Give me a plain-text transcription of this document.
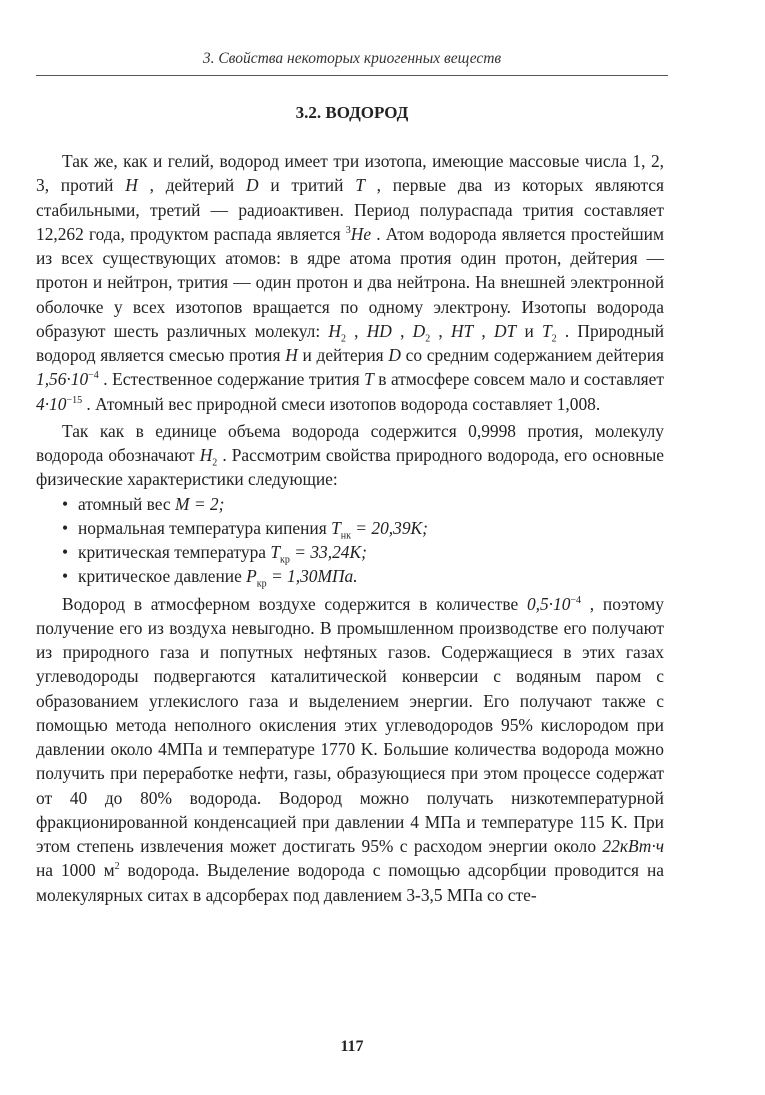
3. Свойства некоторых криогенных веществ
3.2. ВОДОРОД

Так же, как и гелий, водород имеет три изотопа, имеющие массовые числа 1, 2, 3, протий H , дейтерий D и тритий T , первые два из которых являются стабильными, третий — радиоактивен. Период полураспада трития составляет 12,262 года, продуктом распада является $^3$He . Атом водорода является простейшим из всех существующих атомов: в ядре атома протия один протон, дейтерия — протон и нейтрон, трития — один протон и два нейтрона. На внешней электронной оболочке у всех изотопов вращается по одному электрону. Изотопы водорода образуют шесть различных молекул: $H_2$ , HD , $D_2$ , HT , DT и $T_2$ . Природный водород является смесью протия H и дейтерия D со средним содержанием дейтерия $1,56\cdot 10^{-4}$ . Естественное содержание трития T в атмосфере совсем мало и составляет $4\cdot 10^{-15}$ . Атомный вес природной смеси изотопов водорода составляет 1,008.

Так как в единице объема водорода содержится 0,9998 протия, молекулу водорода обозначают $H_2$ . Рассмотрим свойства природного водорода, его основные физические характеристики следующие:

• атомный вес M = 2;
• нормальная температура кипения $T_{нк} = 20,39K$;
• критическая температура $T_{кр} = 33,24K$;
• критическое давление $P_{кр} = 1,30МПа$.

Водород в атмосферном воздухе содержится в количестве $0,5\cdot 10^{-4}$ , поэтому получение его из воздуха невыгодно. В промышленном производстве его получают из природного газа и попутных нефтяных газов. Содержащиеся в этих газах углеводороды подвергаются каталитической конверсии с водяным паром с образованием углекислого газа и выделением энергии. Его получают также с помощью метода неполного окисления этих углеводородов 95% кислородом при давлении около 4МПа и температуре 1770 K. Большие количества водорода можно получить при переработке нефти, газы, образующиеся при этом процессе содержат от 40 до 80% водорода. Водород можно получать низкотемпературной фракционированной конденсацией при давлении 4 МПа и температуре 115 K. При этом степень извлечения может достигать 95% с расходом энергии около 22кВт·ч на 1000 $м^2$ водорода. Выделение водорода с помощью адсорбции проводится на молекулярных ситах в адсорберах под давлением 3-3,5 МПа со сте-

117
